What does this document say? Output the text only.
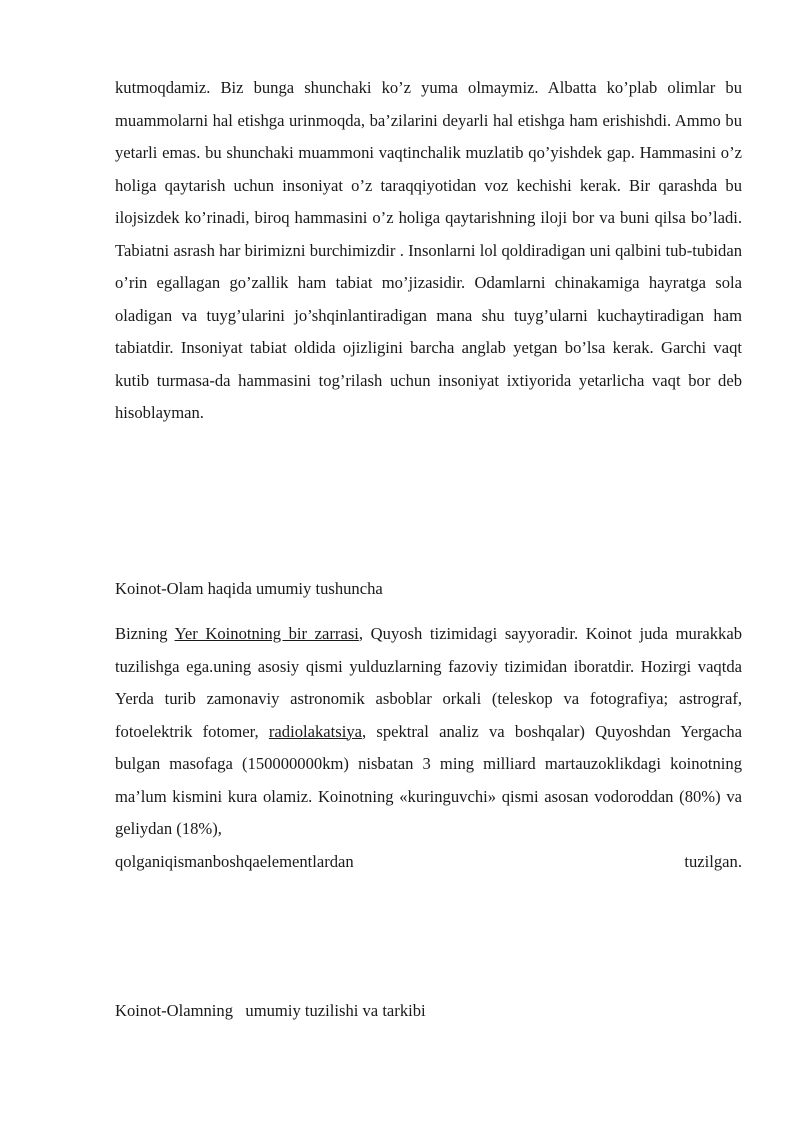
kutmoqdamiz. Biz bunga shunchaki ko’z yuma olmaymiz. Albatta ko’plab olimlar bu muammolarni hal etishga urinmoqda, ba’zilarini deyarli hal etishga ham erishishdi. Ammo bu yetarli emas. bu shunchaki muammoni vaqtinchalik muzlatib qo’yishdek gap. Hammasini o’z holiga qaytarish uchun insoniyat o’z taraqqiyotidan voz kechishi kerak. Bir qarashda bu ilojsizdek ko’rinadi, biroq hammasini o’z holiga qaytarishning iloji bor va buni qilsa bo’ladi. Tabiatni asrash har birimizni burchimizdir . Insonlarni lol qoldiradigan uni qalbini tub-tubidan o’rin egallagan go’zallik ham tabiat mo’jizasidir. Odamlarni chinakamiga hayratga sola oladigan va tuyg’ularini jo’shqinlantiradigan mana shu tuyg’ularni kuchaytiradigan ham tabiatdir. Insoniyat tabiat oldida ojizligini barcha anglab yetgan bo’lsa kerak. Garchi vaqt kutib turmasa-da hammasini tog’rilash uchun insoniyat ixtiyorida yetarlicha vaqt bor deb hisoblayman.

Koinot-Olam haqida umumiy tushuncha

Bizning Yer Koinotning bir zarrasi, Quyosh tizimidagi sayyoradir. Koinot juda murakkab tuzilishga ega.uning asosiy qismi yulduzlarning fazoviy tizimidan iboratdir. Hozirgi vaqtda Yerda turib zamonaviy astronomik asboblar orkali (teleskop va fotografiya; astrograf, fotoelektrik fotomer, radiolakatsiya, spektral analiz va boshqalar) Quyoshdan Yergacha bulgan masofaga (150000000km) nisbatan 3 ming milliard martauzoklikdagi koinotning ma’lum kismini kura olamiz. Koinotning «kuringuvchi» qismi asosan vodoroddan (80%) va geliydan (18%),
qolgani qisman boshqa elementlardan	tuzilgan.

Koinot-Olamning   umumiy tuzilishi va tarkibi
